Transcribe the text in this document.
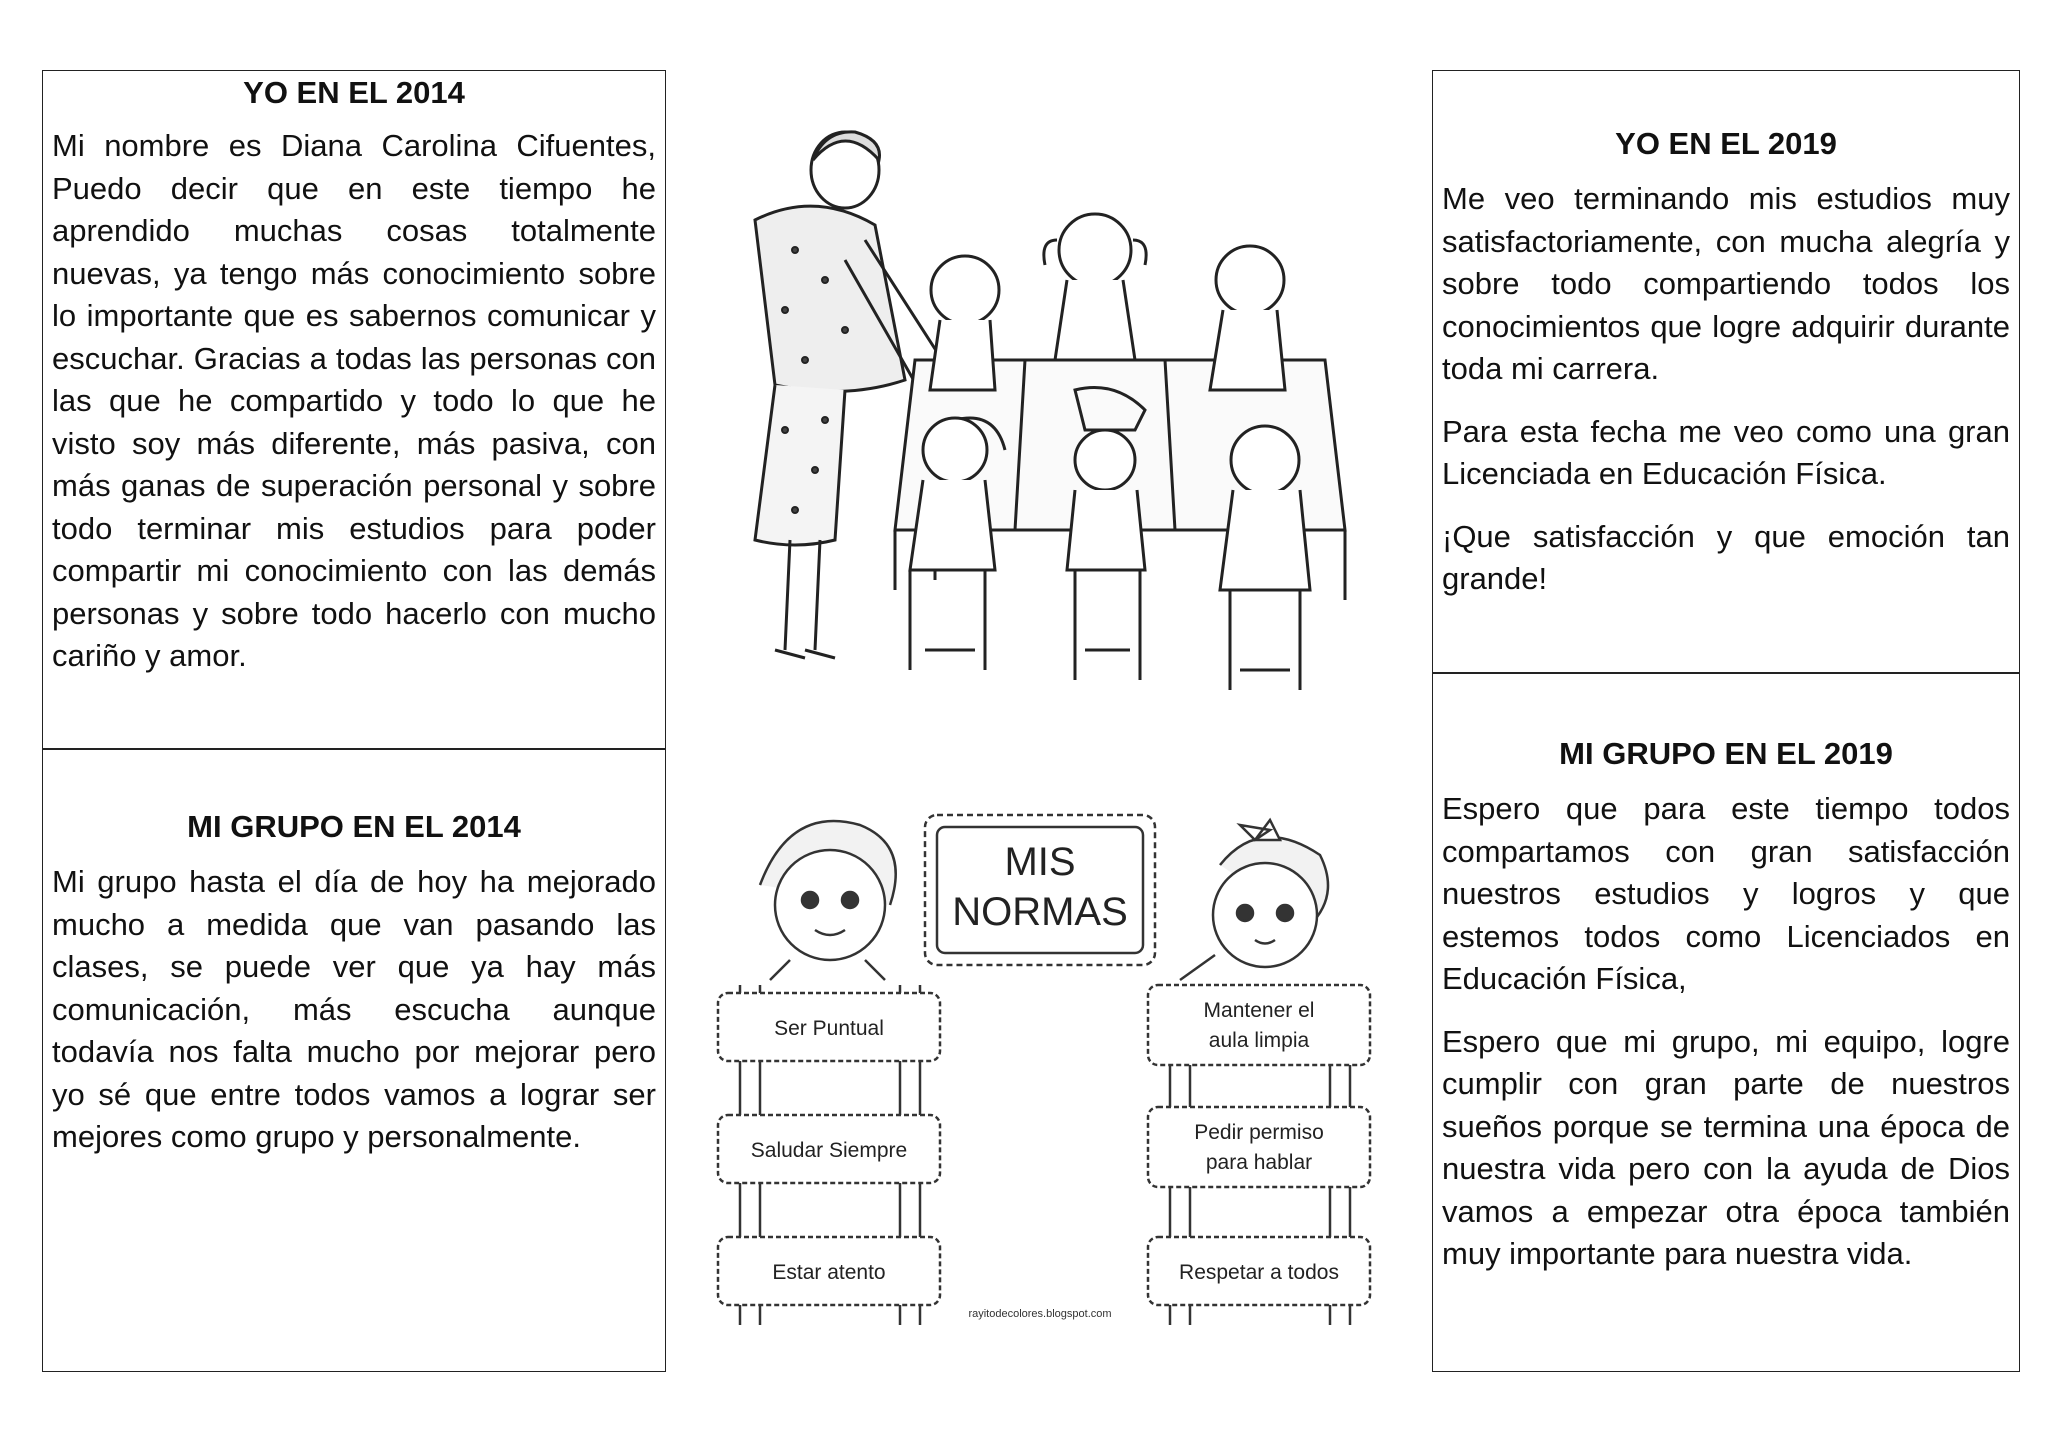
YO EN EL 2014

Mi nombre es Diana Carolina Cifuentes, Puedo decir que en este tiempo he aprendido muchas cosas totalmente nuevas, ya tengo más conocimiento sobre lo importante que es sabernos comunicar y escuchar. Gracias a todas las personas con las que he compartido y todo lo que he visto soy más diferente, más pasiva, con más ganas de superación personal y sobre todo terminar mis estudios para poder compartir mi conocimiento con las demás personas y sobre todo hacerlo con mucho cariño y amor.

MI GRUPO EN EL 2014

Mi grupo hasta el día de hoy ha mejorado mucho a medida que van pasando las clases, se puede ver que ya hay más comunicación, más escucha aunque todavía nos falta mucho por mejorar pero yo sé que entre todos vamos a lograr ser mejores como grupo y personalmente.

YO EN EL 2019

Me veo terminando mis estudios muy satisfactoriamente, con mucha alegría y sobre todo compartiendo todos los conocimientos que logre adquirir durante toda mi carrera.

Para esta fecha me veo como una gran Licenciada en Educación Física.

¡Que satisfacción y que emoción tan grande!

MI GRUPO EN EL 2019

Espero que para este tiempo todos compartamos con gran satisfacción nuestros estudios y logros y que estemos todos como Licenciados en Educación Física,

Espero que mi grupo, mi equipo, logre cumplir con gran parte de nuestros sueños porque se termina una época de nuestra vida pero con la ayuda de Dios vamos a empezar otra época también muy importante para nuestra vida.

MIS
NORMAS
Ser Puntual
Saludar Siempre
Estar atento
Mantener el
aula limpia
Pedir permiso
para hablar
Respetar a todos
rayitodecolores.blogspot.com
